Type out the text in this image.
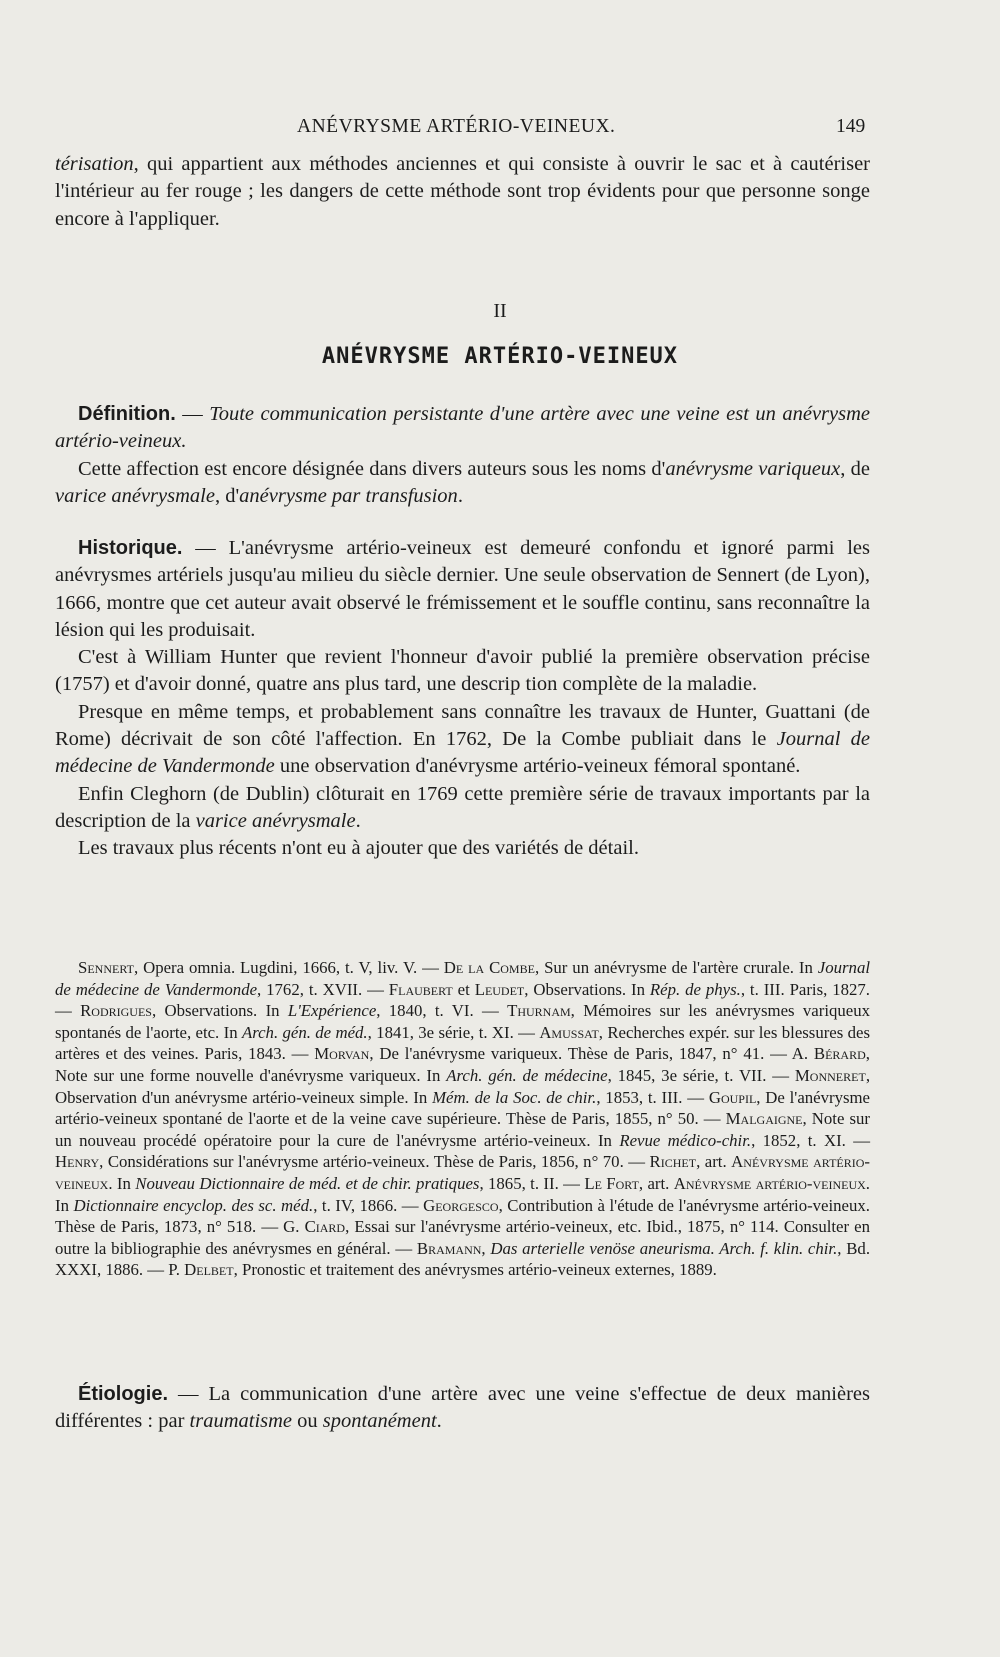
ANÉVRYSME ARTÉRIO-VEINEUX.	149

térisation, qui appartient aux méthodes anciennes et qui consiste à ouvrir le sac et à cautériser l'intérieur au fer rouge ; les dangers de cette méthode sont trop évidents pour que personne songe encore à l'appliquer.

II
ANÉVRYSME ARTÉRIO-VEINEUX

Définition. — Toute communication persistante d'une artère avec une veine est un anévrysme artério-veineux.

Cette affection est encore désignée dans divers auteurs sous les noms d'anévrysme variqueux, de varice anévrysmale, d'anévrysme par transfusion.

Historique. — L'anévrysme artério-veineux est demeuré confondu et ignoré parmi les anévrysmes artériels jusqu'au milieu du siècle dernier. Une seule observation de Sennert (de Lyon), 1666, montre que cet auteur avait observé le frémissement et le souffle continu, sans reconnaître la lésion qui les produisait.

C'est à William Hunter que revient l'honneur d'avoir publié la première observation précise (1757) et d'avoir donné, quatre ans plus tard, une descrip tion complète de la maladie.

Presque en même temps, et probablement sans connaître les travaux de Hunter, Guattani (de Rome) décrivait de son côté l'affection. En 1762, De la Combe publiait dans le Journal de médecine de Vandermonde une observation d'anévrysme artério-veineux fémoral spontané.

Enfin Cleghorn (de Dublin) clôturait en 1769 cette première série de travaux importants par la description de la varice anévrysmale.

Les travaux plus récents n'ont eu à ajouter que des variétés de détail.

Sennert, Opera omnia. Lugdini, 1666, t. V, liv. V. — De la Combe, Sur un anévrysme de l'artère crurale. In Journal de médecine de Vandermonde, 1762, t. XVII. — Flaubert et Leudet, Observations. In Rép. de phys., t. III. Paris, 1827. — Rodrigues, Observations. In L'Expérience, 1840, t. VI. — Thurnam, Mémoires sur les anévrysmes variqueux spontanés de l'aorte, etc. In Arch. gén. de méd., 1841, 3e série, t. XI. — Amussat, Recherches expér. sur les blessures des artères et des veines. Paris, 1843. — Morvan, De l'anévrysme variqueux. Thèse de Paris, 1847, n° 41. — A. Bérard, Note sur une forme nouvelle d'anévrysme variqueux. In Arch. gén. de médecine, 1845, 3e série, t. VII. — Monneret, Observation d'un anévrysme artério-veineux simple. In Mém. de la Soc. de chir., 1853, t. III. — Goupil, De l'anévrysme artério-veineux spontané de l'aorte et de la veine cave supérieure. Thèse de Paris, 1855, n° 50. — Malgaigne, Note sur un nouveau procédé opératoire pour la cure de l'anévrysme artério-veineux. In Revue médico-chir., 1852, t. XI. — Henry, Considérations sur l'anévrysme artério-veineux. Thèse de Paris, 1856, n° 70. — Richet, art. Anévrysme artério-veineux. In Nouveau Dictionnaire de méd. et de chir. pratiques, 1865, t. II. — Le Fort, art. Anévrysme artério-veineux. In Dictionnaire encyclop. des sc. méd., t. IV, 1866. — Georgesco, Contribution à l'étude de l'anévrysme artério-veineux. Thèse de Paris, 1873, n° 518. — G. Ciard, Essai sur l'anévrysme artério-veineux, etc. Ibid., 1875, n° 114. Consulter en outre la bibliographie des anévrysmes en général. — Bramann, Das arterielle venöse aneurisma. Arch. f. klin. chir., Bd. XXXI, 1886. — P. Delbet, Pronostic et traitement des anévrysmes artério-veineux externes, 1889.

Étiologie. — La communication d'une artère avec une veine s'effectue de deux manières différentes : par traumatisme ou spontanément.
